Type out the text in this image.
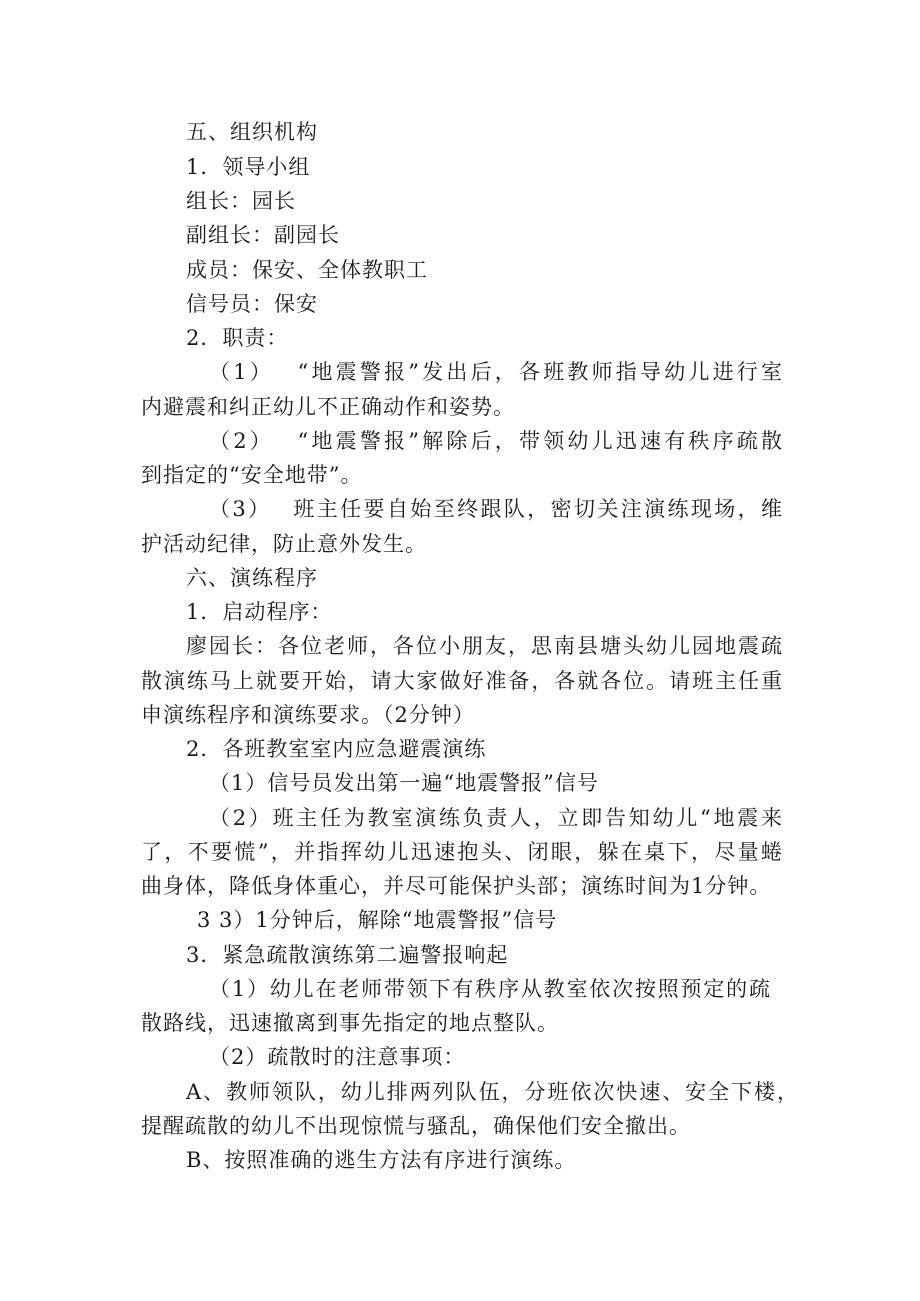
五、组织机构
1．领导小组
组长：园长
副组长：副园长
成员：保安、全体教职工
信号员：保安
2．职责：
（1）　 “地震警报”发出后，各班教师指导幼儿进行室
内避震和纠正幼儿不正确动作和姿势。
（2）　 “地震警报”解除后，带领幼儿迅速有秩序疏散
到指定的“安全地带”。
（3）　 班主任要自始至终跟队，密切关注演练现场，维
护活动纪律，防止意外发生。
六、演练程序
1．启动程序：
廖园长：各位老师，各位小朋友，思南县塘头幼儿园地震疏
散演练马上就要开始，请大家做好准备，各就各位。请班主任重
申演练程序和演练要求。（2分钟）
2．各班教室室内应急避震演练
（1）信号员发出第一遍“地震警报”信号
（2）班主任为教室演练负责人，立即告知幼儿“地震来
了，不要慌”，并指挥幼儿迅速抱头、闭眼，躲在桌下，尽量蜷
曲身体，降低身体重心，并尽可能保护头部；演练时间为1分钟。
3 3）1分钟后，解除“地震警报”信号
3．紧急疏散演练第二遍警报响起
（1）幼儿在老师带领下有秩序从教室依次按照预定的疏
散路线，迅速撤离到事先指定的地点整队。
（2）疏散时的注意事项：
A、教师领队，幼儿排两列队伍，分班依次快速、安全下楼，
提醒疏散的幼儿不出现惊慌与骚乱，确保他们安全撤出。
B、按照准确的逃生方法有序进行演练。
